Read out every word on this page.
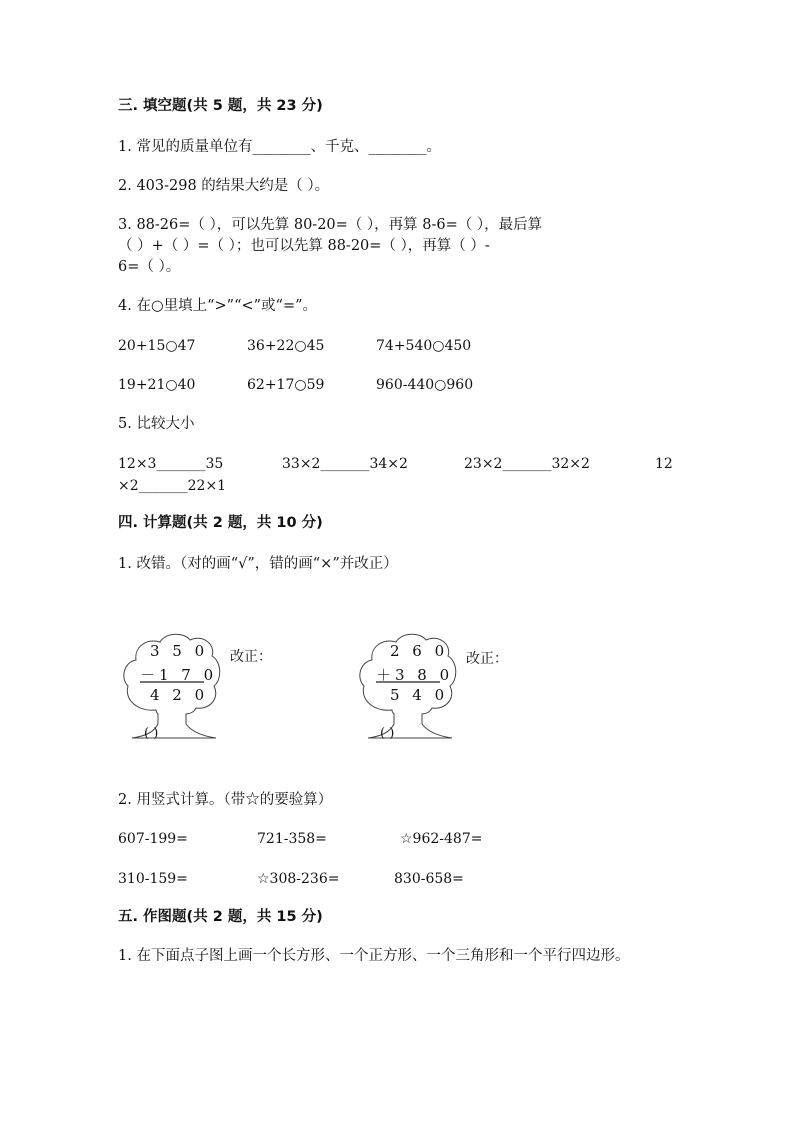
三. 填空题(共 5 题，共 23 分)
1. 常见的质量单位有________、千克、________。
2. 403-298 的结果大约是（ ）。
3. 88-26=（ ），可以先算 80-20=（ ），再算 8-6=（ ），最后算
（ ）+（ ）=（ ）；也可以先算 88-20=（ ），再算（ ）-
6=（ ）。
4. 在○里填上“>”“<”或“=”。
20+15○47	36+22○45	74+540○450
19+21○40	62+17○59	960-440○960
5. 比较大小
12×3_______35	33×2_______34×2	23×2_______32×2	12
×2_______22×1
四. 计算题(共 2 题，共 10 分)
1. 改错。（对的画“√”，错的画“×”并改正）
3 5 0
－1 7 0
4 2 0
( )
改正：	2 6 0
＋3 8 0
5 4 0
( )
改正：
2. 用竖式计算。（带☆的要验算）
607-199=	721-358=	☆962-487=
310-159=	☆308-236=	830-658=
五. 作图题(共 2 题，共 15 分)
1. 在下面点子图上画一个长方形、一个正方形、一个三角形和一个平行四边形。
